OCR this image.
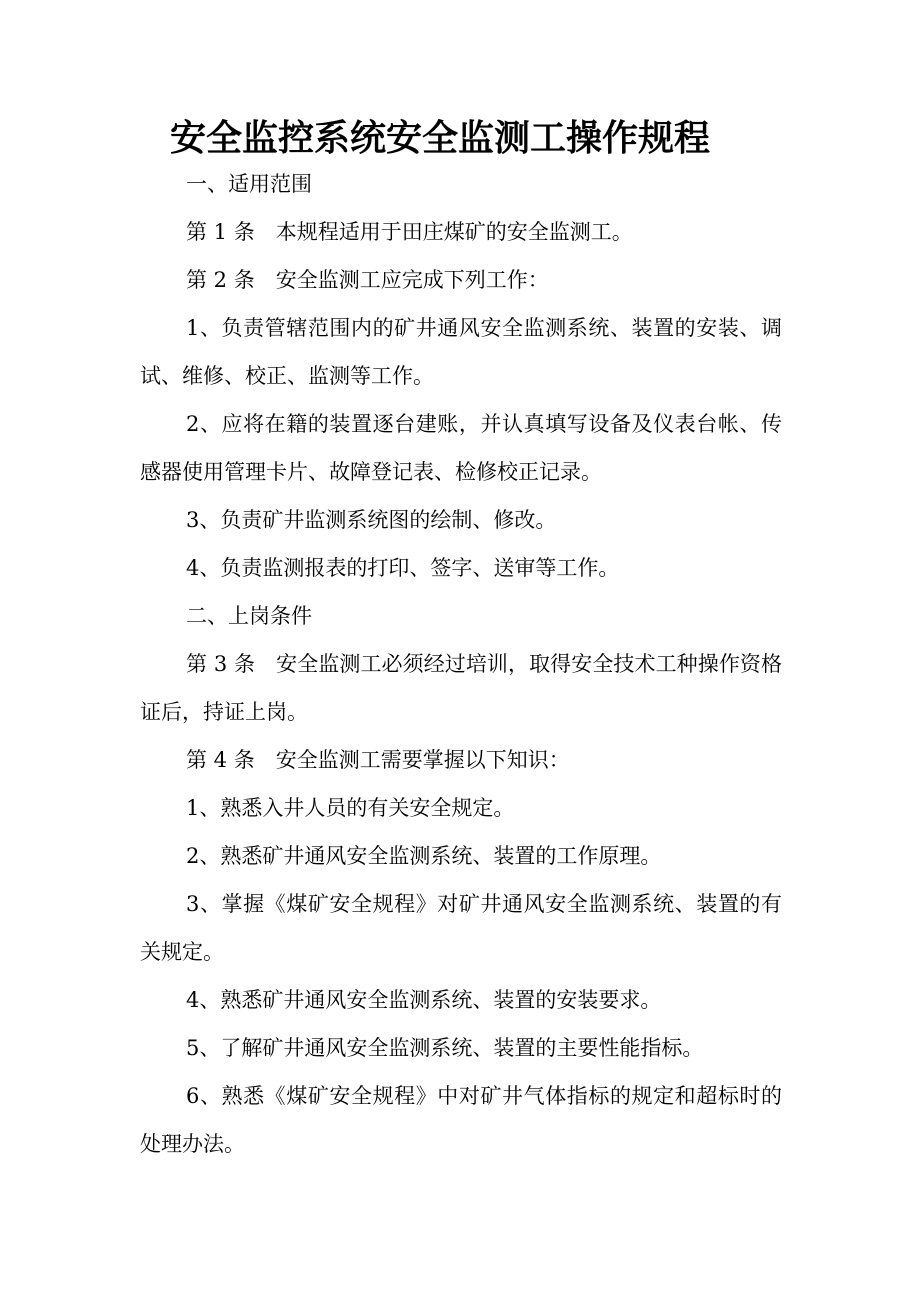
安全监控系统安全监测工操作规程

一、适用范围

第 1 条　本规程适用于田庄煤矿的安全监测工。

第 2 条　安全监测工应完成下列工作：

1、负责管辖范围内的矿井通风安全监测系统、装置的安装、调试、维修、校正、监测等工作。

2、应将在籍的装置逐台建账，并认真填写设备及仪表台帐、传感器使用管理卡片、故障登记表、检修校正记录。

3、负责矿井监测系统图的绘制、修改。

4、负责监测报表的打印、签字、送审等工作。

二、上岗条件

第 3 条　安全监测工必须经过培训，取得安全技术工种操作资格证后，持证上岗。

第 4 条　安全监测工需要掌握以下知识：

1、熟悉入井人员的有关安全规定。

2、熟悉矿井通风安全监测系统、装置的工作原理。

3、掌握《煤矿安全规程》对矿井通风安全监测系统、装置的有关规定。

4、熟悉矿井通风安全监测系统、装置的安装要求。

5、了解矿井通风安全监测系统、装置的主要性能指标。

6、熟悉《煤矿安全规程》中对矿井气体指标的规定和超标时的处理办法。
